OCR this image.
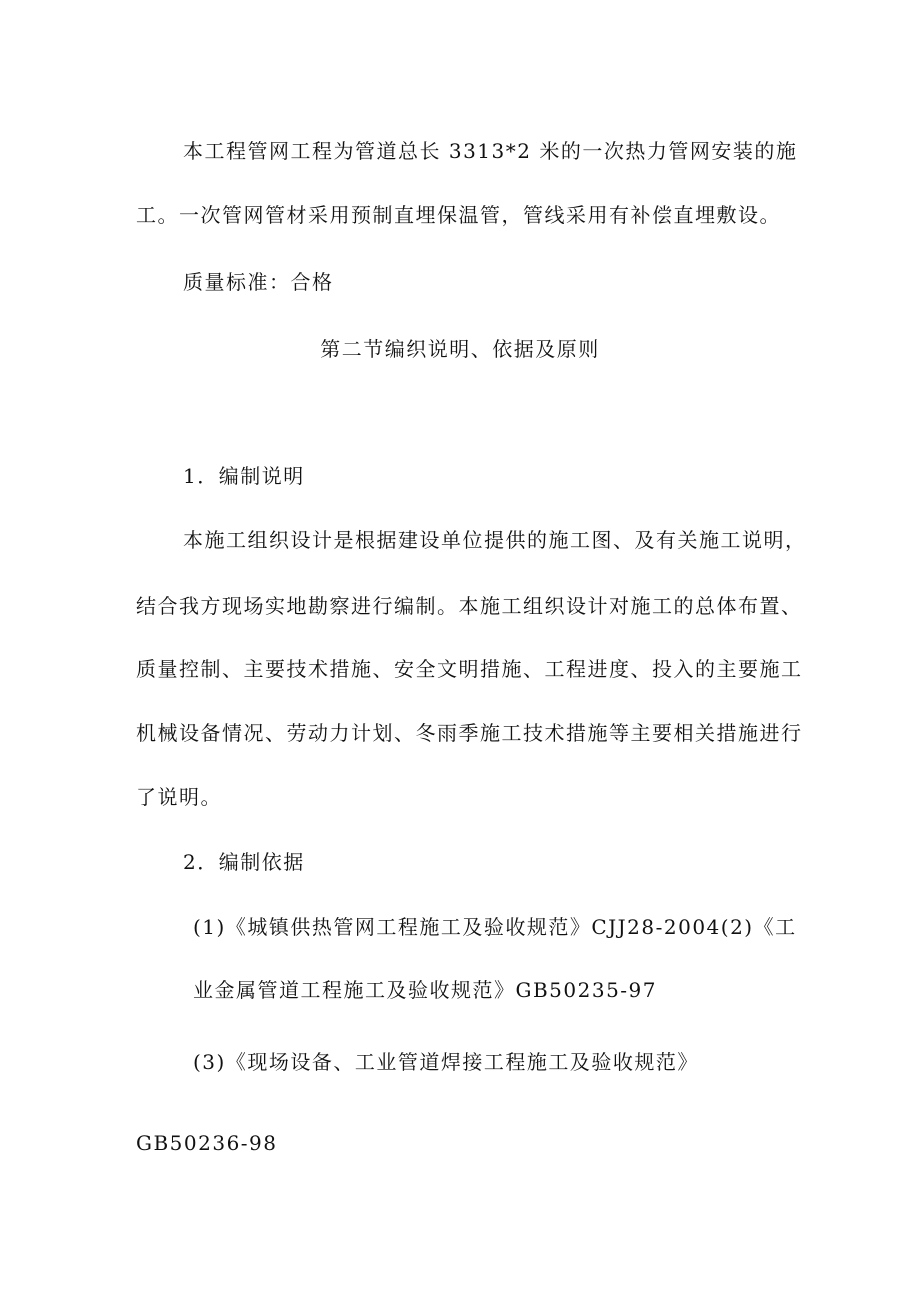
本工程管网工程为管道总长 3313*2 米的一次热力管网安装的施
工。一次管网管材采用预制直埋保温管，管线采用有补偿直埋敷设。
质量标准：合格
第二节编织说明、依据及原则
1．编制说明
本施工组织设计是根据建设单位提供的施工图、及有关施工说明，
结合我方现场实地勘察进行编制。本施工组织设计对施工的总体布置、
质量控制、主要技术措施、安全文明措施、工程进度、投入的主要施工
机械设备情况、劳动力计划、冬雨季施工技术措施等主要相关措施进行
了说明。
2．编制依据
(1)《城镇供热管网工程施工及验收规范》CJJ28-2004(2)《工
业金属管道工程施工及验收规范》GB50235-97
(3)《现场设备、工业管道焊接工程施工及验收规范》
GB50236-98
